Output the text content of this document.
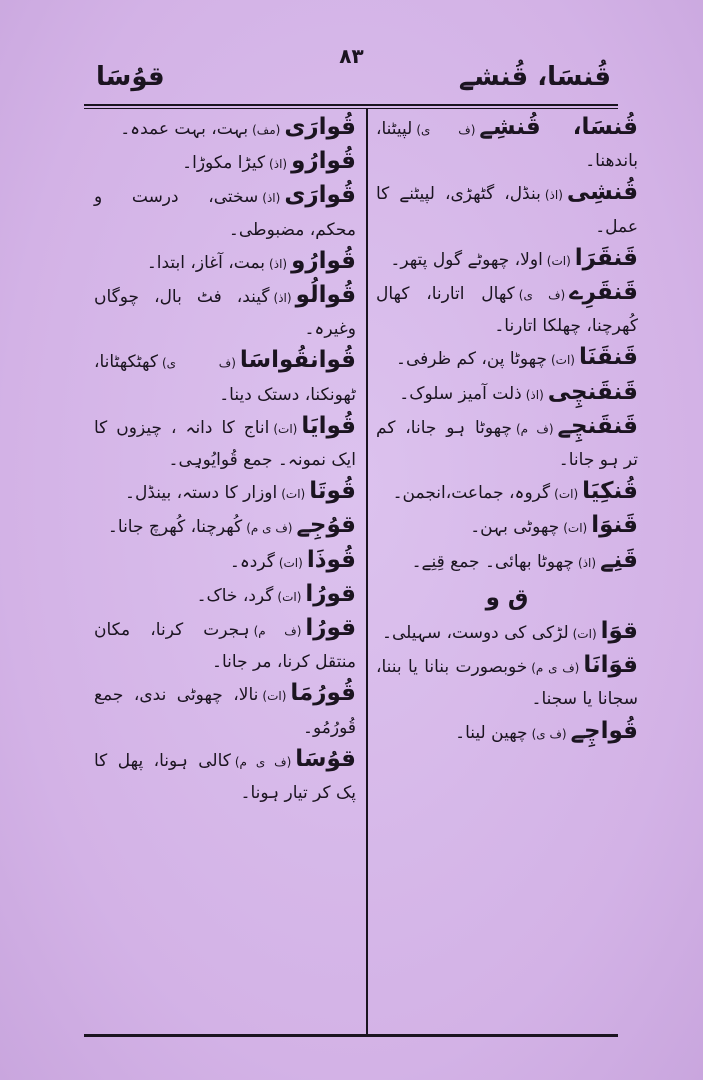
۸۳
قُنسَا، قُنشے
قوُسَا

قُنسَا، قُنشِے(ف ی)لپیٹنا، باندھنا۔

قُنشِی(اذ)بنڈل، گٹھڑی، لپیٹنے کا عمل۔

قَنقَرَا(ات)اولا، چھوٹے گول پتھر۔

قَنقَرِے(ف ی)کھال اتارنا، کھال کُھرچنا، چھلکا اتارنا۔

قَنقَنَا(ات)چھوٹا پن، کم ظرفی۔

قَنقَنچِی(اذ)ذلت آمیز سلوک۔

قَنقَنچِے(ف م)چھوٹا ہو جانا، کم تر ہو جانا۔

قُنکِیَا(ات)گروہ، جماعت،انجمن۔

قَنوَا(ات)چھوٹی بہن۔

قَنِے(اذ)چھوٹا بھائی۔ جمع قِنِے۔

ق و

قوَا(ات)لڑکی کی دوست، سہیلی۔

قوَانَا(ف ی م)خوبصورت بنانا یا بننا، سجانا یا سجنا۔

قُواچِے(ف ی)چھین لینا۔

قُوارَی(مف)بہت، بہت عمدہ۔

قُوارُو(اذ)کیڑا مکوڑا۔

قُوارَی(اذ)سختی، درست و محکم، مضبوطی۔

قُوارُو(اذ)بمت، آغاز، ابتدا۔

قُوالُو(اذ)گیند، فٹ بال، چوگاں وغیرہ۔

قُوانقُواسَا(ف ی)کھٹکھٹانا، ٹھونکنا، دستک دینا۔

قُوایَا(ات)اناج کا دانہ ، چیزوں کا ایک نمونہ۔ جمع قُوایُوہِی۔

قُوتَا(ات)اوزار کا دستہ، بینڈل۔

قوُجِے(ف ی م)کُھرچنا، کُھرچ جانا۔

قُوذَا(ات)گردہ۔

قورُا(ات)گرد، خاک۔

قورُا(ف م)ہجرت کرنا، مکان منتقل کرنا، مر جانا۔

قُورُمَا(ات)نالا، چھوٹی ندی، جمع قُورُمُو۔

قوُسَا(ف ی م)کالی ہونا، پھل کا پک کر تیار ہونا۔
